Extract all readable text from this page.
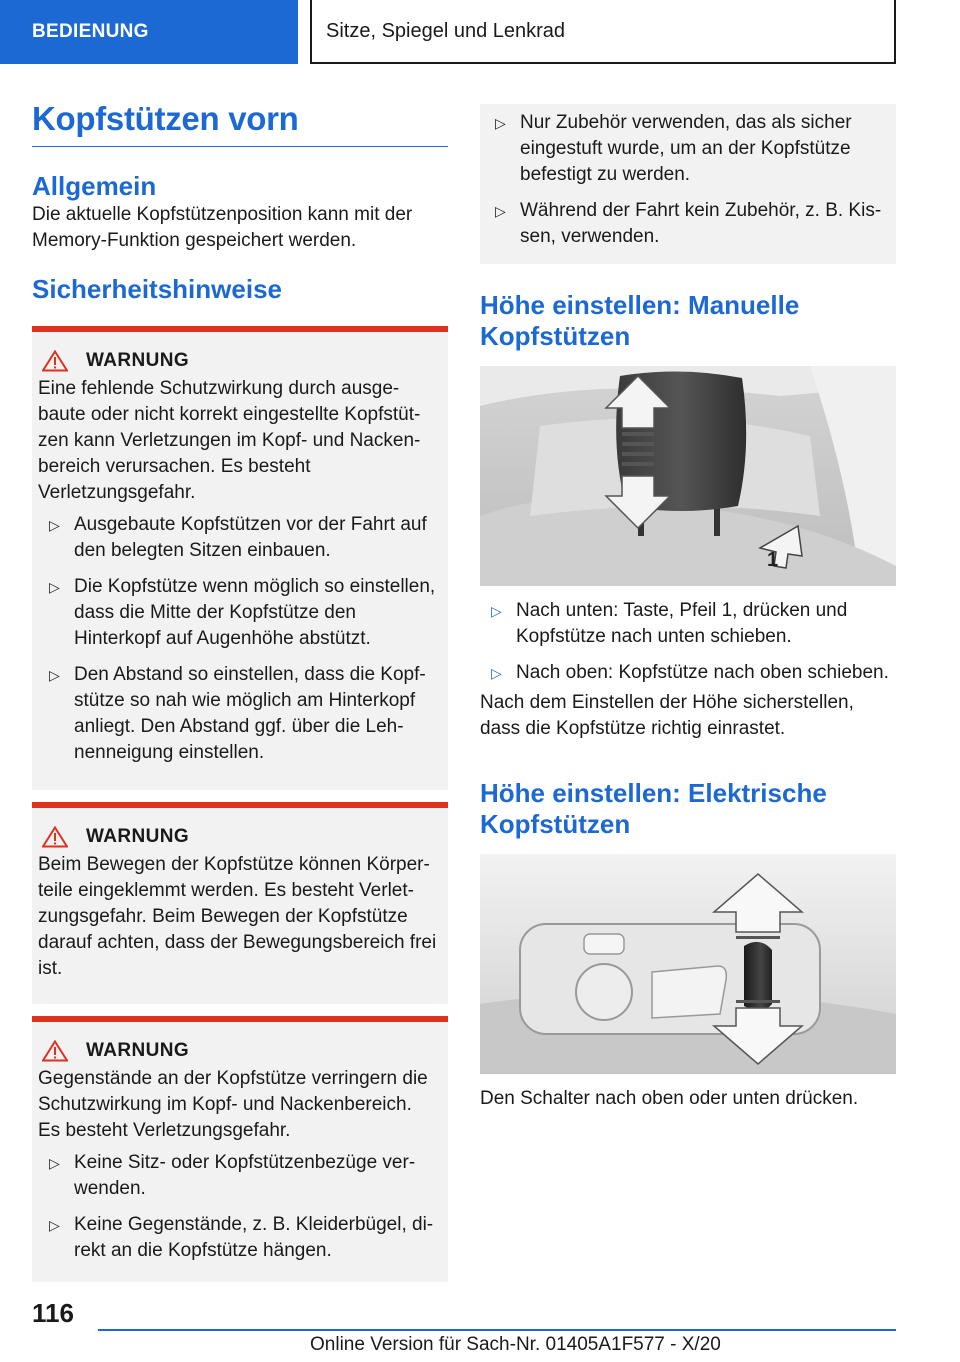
BEDIENUNG	Sitze, Spiegel und Lenkrad
Kopfstützen vorn
Allgemein

Die aktuelle Kopfstützenposition kann mit der Memory-Funktion gespeichert werden.

Sicherheitshinweise
WARNUNG

Eine fehlende Schutzwirkung durch ausgebaute oder nicht korrekt eingestellte Kopfstützen kann Verletzungen im Kopf- und Nackenbereich verursachen. Es besteht Verletzungsgefahr.

▷ Ausgebaute Kopfstützen vor der Fahrt auf den belegten Sitzen einbauen.
▷ Die Kopfstütze wenn möglich so einstellen, dass die Mitte der Kopfstütze den Hinterkopf auf Augenhöhe abstützt.
▷ Den Abstand so einstellen, dass die Kopfstütze so nah wie möglich am Hinterkopf anliegt. Den Abstand ggf. über die Lehnenneigung einstellen.
WARNUNG

Beim Bewegen der Kopfstütze können Körperteile eingeklemmt werden. Es besteht Verletzungsgefahr. Beim Bewegen der Kopfstütze darauf achten, dass der Bewegungsbereich frei ist.

WARNUNG

Gegenstände an der Kopfstütze verringern die Schutzwirkung im Kopf- und Nackenbereich. Es besteht Verletzungsgefahr.

▷ Keine Sitz- oder Kopfstützenbezüge verwenden.
▷ Keine Gegenstände, z. B. Kleiderbügel, direkt an die Kopfstütze hängen.
▷ Nur Zubehör verwenden, das als sicher eingestuft wurde, um an der Kopfstütze befestigt zu werden.
▷ Während der Fahrt kein Zubehör, z. B. Kissen, verwenden.
Höhe einstellen: Manuelle Kopfstützen
1
▷ Nach unten: Taste, Pfeil 1, drücken und Kopfstütze nach unten schieben.
▷ Nach oben: Kopfstütze nach oben schieben.

Nach dem Einstellen der Höhe sicherstellen, dass die Kopfstütze richtig einrastet.

Höhe einstellen: Elektrische Kopfstützen

Den Schalter nach oben oder unten drücken.

116
Online Version für Sach-Nr. 01405A1F577 - X/20
